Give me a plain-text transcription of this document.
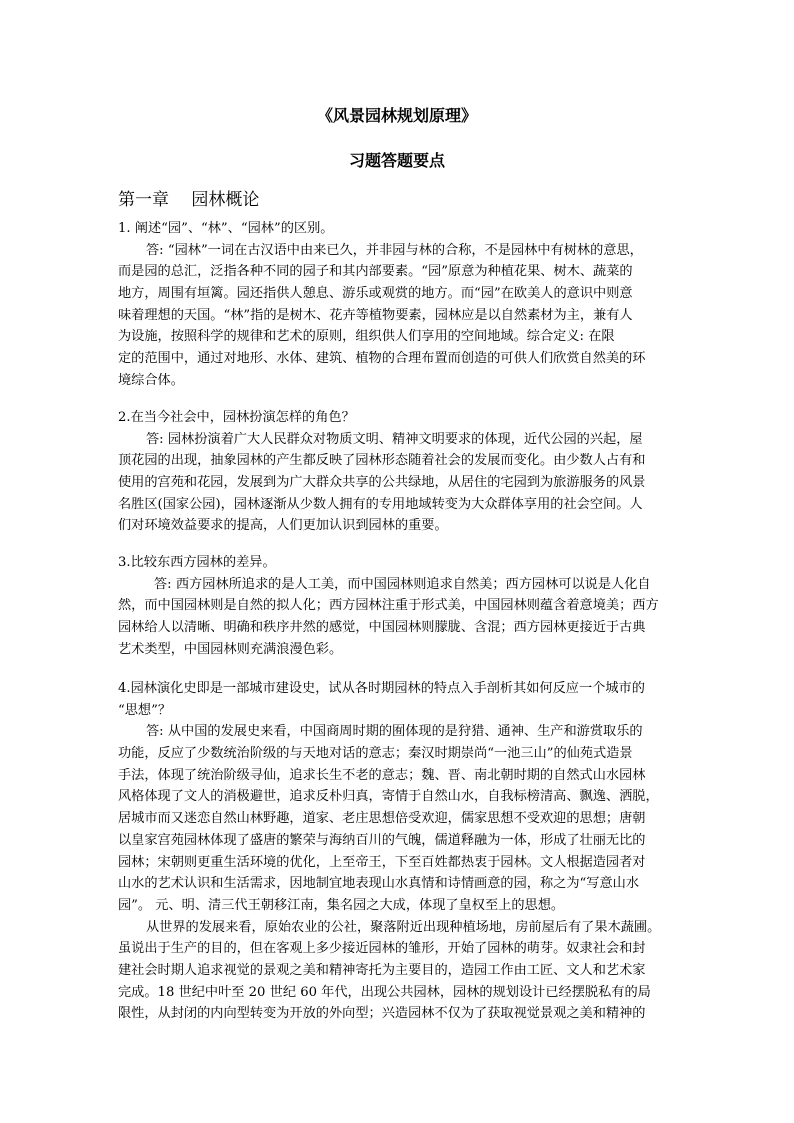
《风景园林规划原理》
习题答题要点
第一章　 园林概论
1. 阐述“园”、“林”、“园林”的区别。
答: “园林”一词在古汉语中由来已久，并非园与林的合称，不是园林中有树林的意思，
而是园的总汇，泛指各种不同的园子和其内部要素。“园”原意为种植花果、树木、蔬菜的
地方，周围有垣篱。园还指供人憩息、游乐或观赏的地方。而“园”在欧美人的意识中则意
味着理想的天国。“林”指的是树木、花卉等植物要素，园林应是以自然素材为主，兼有人
为设施，按照科学的规律和艺术的原则，组织供人们享用的空间地域。综合定义: 在限
定的范围中，通过对地形、水体、建筑、植物的合理布置而创造的可供人们欣赏自然美的环
境综合体。
2.在当今社会中，园林扮演怎样的角色？
答: 园林扮演着广大人民群众对物质文明、精神文明要求的体现，近代公园的兴起，屋
顶花园的出现，抽象园林的产生都反映了园林形态随着社会的发展而变化。由少数人占有和
使用的宫苑和花园，发展到为广大群众共享的公共绿地，从居住的宅园到为旅游服务的风景
名胜区(国家公园)，园林逐渐从少数人拥有的专用地域转变为大众群体享用的社会空间。人
们对环境效益要求的提高，人们更加认识到园林的重要。
3.比较东西方园林的差异。
答: 西方园林所追求的是人工美，而中国园林则追求自然美；西方园林可以说是人化自
然，而中国园林则是自然的拟人化；西方园林注重于形式美，中国园林则蕴含着意境美；西方
园林给人以清晰、明确和秩序井然的感觉，中国园林则朦胧、含混；西方园林更接近于古典
艺术类型，中国园林则充满浪漫色彩。
4.园林演化史即是一部城市建设史，试从各时期园林的特点入手剖析其如何反应一个城市的
“思想”？
答: 从中国的发展史来看，中国商周时期的囿体现的是狩猎、通神、生产和游赏取乐的
功能，反应了少数统治阶级的与天地对话的意志；秦汉时期崇尚“一池三山”的仙苑式造景
手法，体现了统治阶级寻仙，追求长生不老的意志；魏、晋、南北朝时期的自然式山水园林
风格体现了文人的消极避世，追求反朴归真，寄情于自然山水，自我标榜清高、飘逸、洒脱，
居城市而又迷恋自然山林野趣，道家、老庄思想倍受欢迎，儒家思想不受欢迎的思想；唐朝
以皇家宫苑园林体现了盛唐的繁荣与海纳百川的气魄，儒道释融为一体，形成了壮丽无比的
园林；宋朝则更重生活环境的优化，上至帝王，下至百姓都热衷于园林。文人根据造园者对
山水的艺术认识和生活需求，因地制宜地表现山水真情和诗情画意的园，称之为“写意山水
园”。 元、明、清三代王朝移江南，集名园之大成，体现了皇权至上的思想。
从世界的发展来看，原始农业的公社，聚落附近出现种植场地，房前屋后有了果木蔬圃。
虽说出于生产的目的，但在客观上多少接近园林的雏形，开始了园林的萌芽。奴隶社会和封
建社会时期人追求视觉的景观之美和精神寄托为主要目的，造园工作由工匠、文人和艺术家
完成。18 世纪中叶至 20 世纪 60 年代，出现公共园林，园林的规划设计已经摆脱私有的局
限性，从封闭的内向型转变为开放的外向型；兴造园林不仅为了获取视觉景观之美和精神的
